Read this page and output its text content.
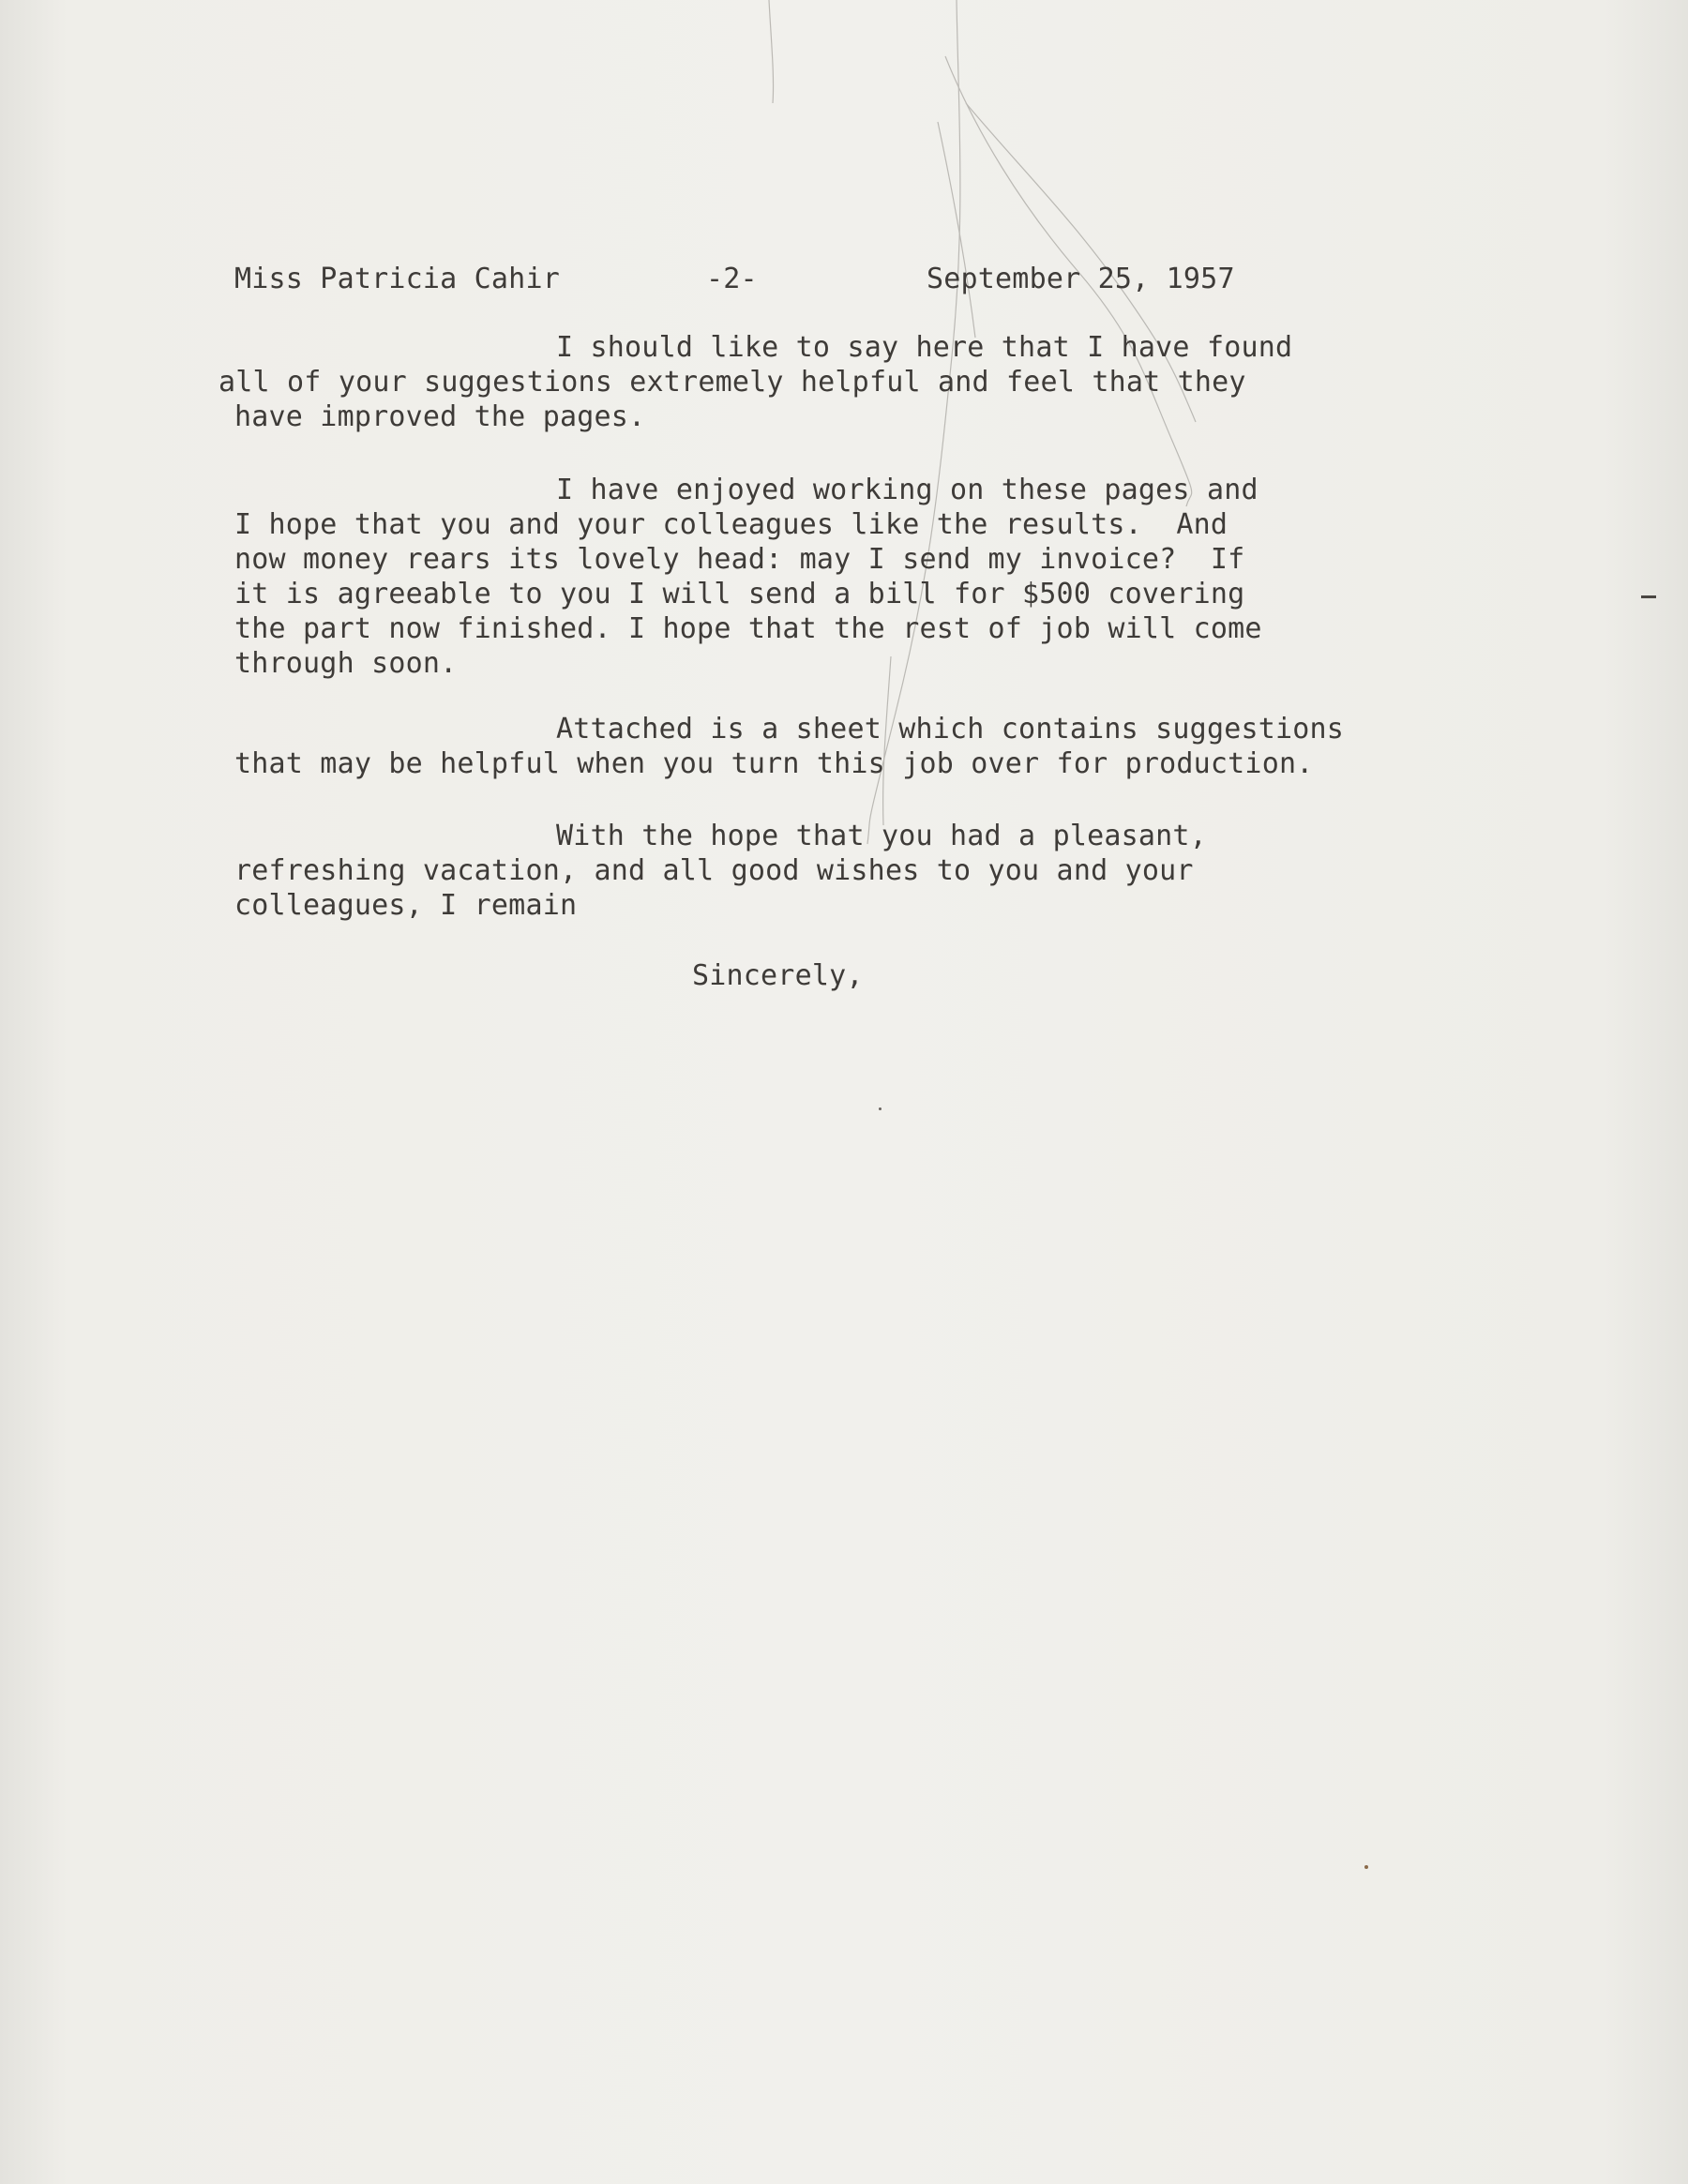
Miss Patricia Cahir	-2-	September 25, 1957
I should like to say here that I have found
all of your suggestions extremely helpful and feel that they
have improved the pages.
I have enjoyed working on these pages and
I hope that you and your colleagues like the results.  And
now money rears its lovely head: may I send my invoice?  If
it is agreeable to you I will send a bill for $500 covering
the part now finished. I hope that the rest of job will come
through soon.
Attached is a sheet which contains suggestions
that may be helpful when you turn this job over for production.
With the hope that you had a pleasant,
refreshing vacation, and all good wishes to you and your
colleagues, I remain
Sincerely,
